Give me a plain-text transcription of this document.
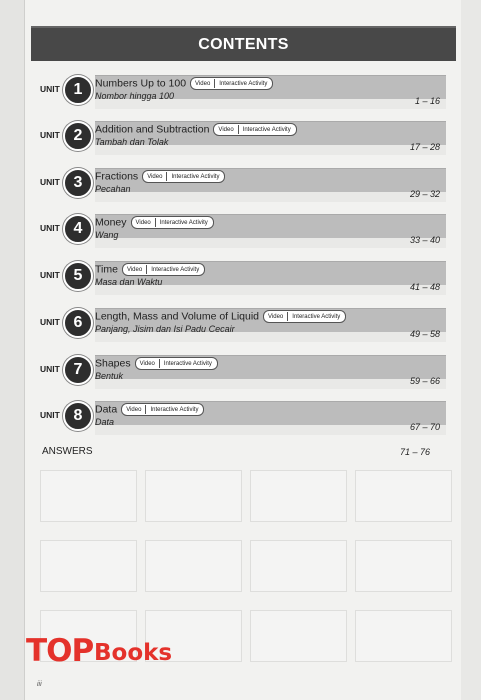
CONTENTS
UNIT 1	Numbers Up to 100 Video Interactive Activity
Nombor hingga 100	1 – 16
UNIT 2	Addition and Subtraction Video Interactive Activity
Tambah dan Tolak	17 – 28
UNIT 3	Fractions Video Interactive Activity
Pecahan	29 – 32
UNIT 4	Money Video Interactive Activity
Wang	33 – 40
UNIT 5	Time Video Interactive Activity
Masa dan Waktu	41 – 48
UNIT 6	Length, Mass and Volume of Liquid Video Interactive Activity
Panjang, Jisim dan Isi Padu Cecair	49 – 58
UNIT 7	Shapes Video Interactive Activity
Bentuk	59 – 66
UNIT 8	Data Video Interactive Activity
Data	67 – 70
ANSWERS	71 – 76
TOP Books
iii
